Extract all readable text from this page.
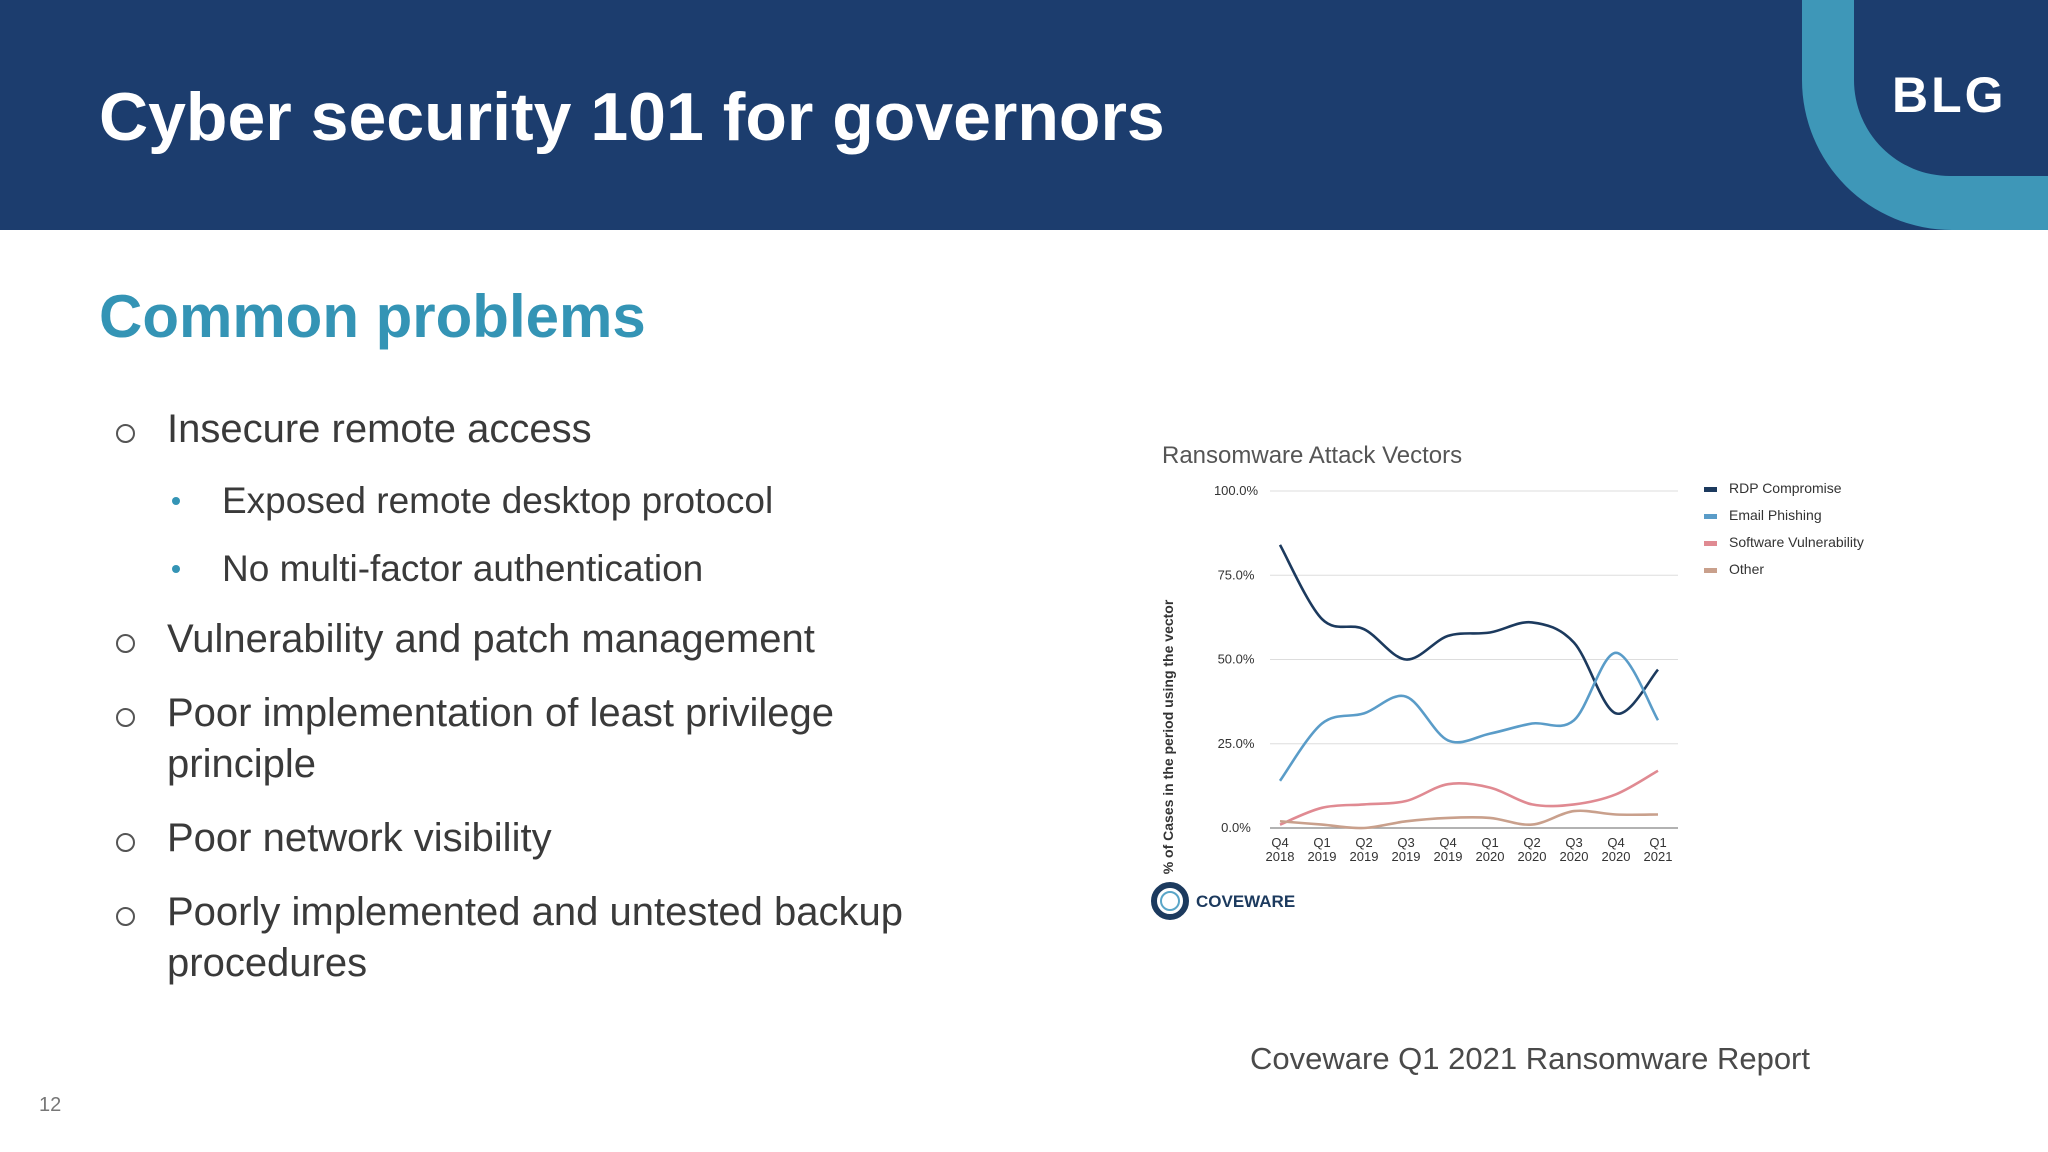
Cyber security 101 for governors	BLG
Common problems
Insecure remote access
Exposed remote desktop protocol
No multi-factor authentication
Vulnerability and patch management
Poor implementation of least privilege principle
Poor network visibility
Poorly implemented and untested backup procedures
Ransomware Attack Vectors
0.0%
25.0%
50.0%
75.0%
100.0%
Q4
2018
Q1
2019
Q2
2019
Q3
2019
Q4
2019
Q1
2020
Q2
2020
Q3
2020
Q4
2020
Q1
2021
% of Cases in the period using the vector
RDP Compromise
Email Phishing
Software Vulnerability
Other
COVEWARE
Coveware Q1 2021 Ransomware Report
12
